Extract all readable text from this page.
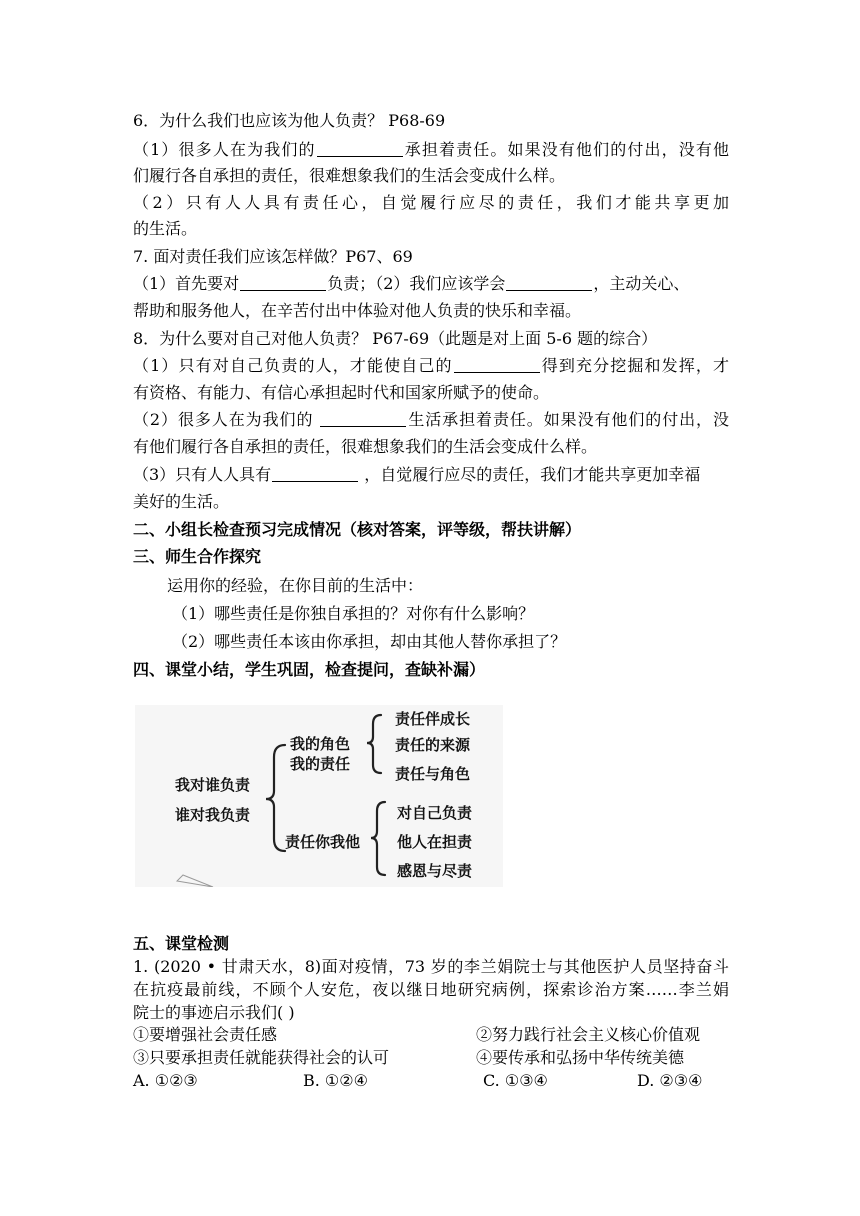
6．为什么我们也应该为他人负责？ P68-69
（1）很多人在为我们的	承担着责任。如果没有他们的付出，没有他
们履行各自承担的责任，很难想象我们的生活会变成什么样。
（2）只有人人具有责任心，自觉履行应尽的责任，我们才能共享更加
的生活。
7. 面对责任我们应该怎样做？P67、69
（1）首先要对	负责；（2）我们应该学会	，主动关心、
帮助和服务他人，在辛苦付出中体验对他人负责的快乐和幸福。
8．为什么要对自己对他人负责？ P67-69（此题是对上面 5-6 题的综合）
（1）只有对自己负责的人，才能使自己的	得到充分挖掘和发挥，才
有资格、有能力、有信心承担起时代和国家所赋予的使命。
（2）很多人在为我们的	生活承担着责任。如果没有他们的付出，没
有他们履行各自承担的责任，很难想象我们的生活会变成什么样。
（3）只有人人具有	，自觉履行应尽的责任，我们才能共享更加幸福
美好的生活。
二、小组长检查预习完成情况（核对答案，评等级，帮扶讲解）
三、师生合作探究
运用你的经验，在你目前的生活中：
（1）哪些责任是你独自承担的？对你有什么影响？
（2）哪些责任本该由你承担，却由其他人替你承担了？
四、课堂小结，学生巩固，检查提问，查缺补漏）
我对谁负责
谁对我负责
我的角色
我的责任
责任你我他
责任伴成长
责任的来源
责任与角色
对自己负责
他人在担责
感恩与尽责
五、课堂检测
1. (2020 • 甘肃天水，8)面对疫情，73 岁的李兰娟院士与其他医护人员坚持奋斗
在抗疫最前线，不顾个人安危，夜以继日地研究病例，探索诊治方案……李兰娟
院士的事迹启示我们( )
①要增强社会责任感	②努力践行社会主义核心价值观
③只要承担责任就能获得社会的认可	④要传承和弘扬中华传统美德
A. ①②③	B. ①②④	C. ①③④	D. ②③④
